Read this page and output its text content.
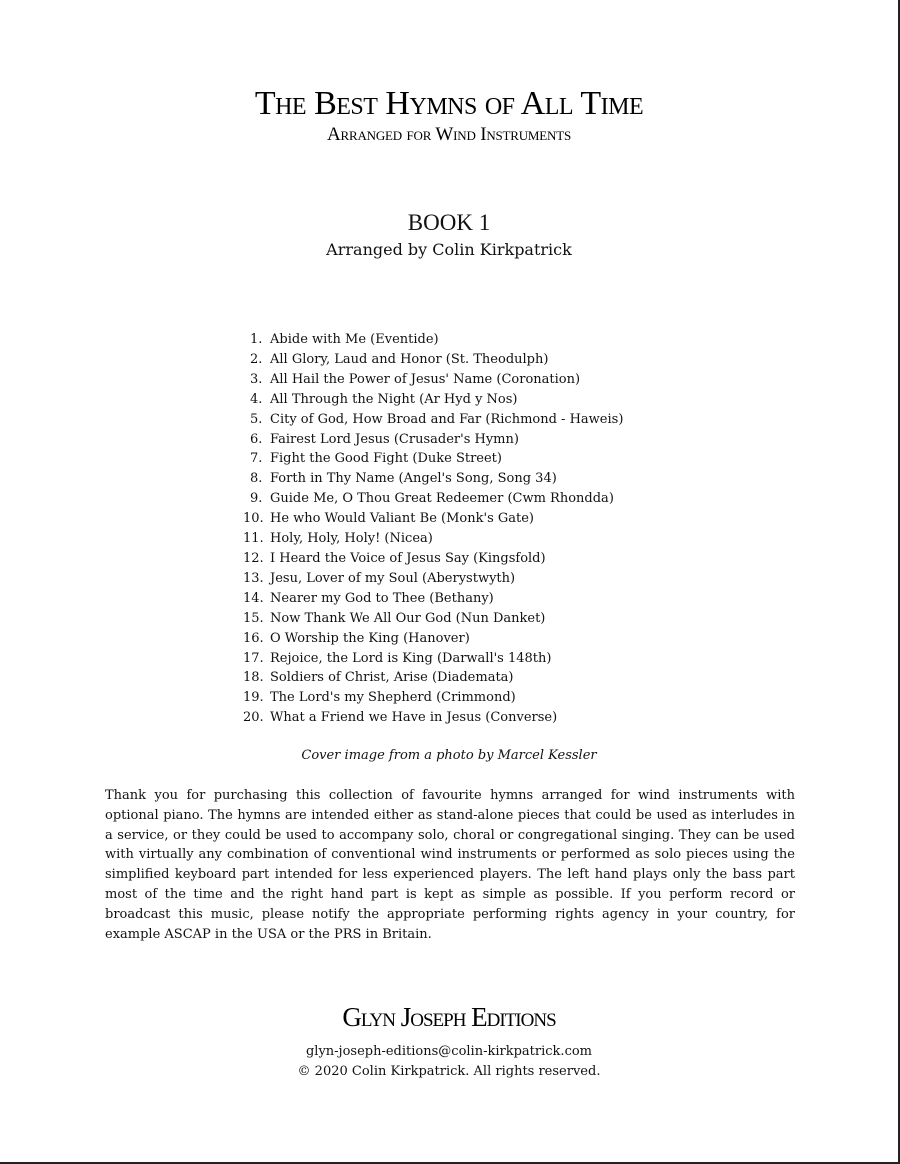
The Best Hymns of All Time
Arranged for Wind Instruments
BOOK 1
Arranged by Colin Kirkpatrick
1. Abide with Me (Eventide)
2. All Glory, Laud and Honor (St. Theodulph)
3. All Hail the Power of Jesus' Name (Coronation)
4. All Through the Night (Ar Hyd y Nos)
5. City of God, How Broad and Far (Richmond - Haweis)
6. Fairest Lord Jesus (Crusader's Hymn)
7. Fight the Good Fight (Duke Street)
8. Forth in Thy Name (Angel's Song, Song 34)
9. Guide Me, O Thou Great Redeemer (Cwm Rhondda)
10. He who Would Valiant Be (Monk's Gate)
11. Holy, Holy, Holy! (Nicea)
12. I Heard the Voice of Jesus Say (Kingsfold)
13. Jesu, Lover of my Soul (Aberystwyth)
14. Nearer my God to Thee (Bethany)
15. Now Thank We All Our God (Nun Danket)
16. O Worship the King (Hanover)
17. Rejoice, the Lord is King (Darwall's 148th)
18. Soldiers of Christ, Arise (Diademata)
19. The Lord's my Shepherd (Crimmond)
20. What a Friend we Have in Jesus (Converse)
Cover image from a photo by Marcel Kessler

Thank you for purchasing this collection of favourite hymns arranged for wind instruments with optional piano. The hymns are intended either as stand-alone pieces that could be used as interludes in a service, or they could be used to accompany solo, choral or congregational singing. They can be used with virtually any combination of conventional wind instruments or performed as solo pieces using the simplified keyboard part intended for less experienced players. The left hand plays only the bass part most of the time and the right hand part is kept as simple as possible. If you perform record or broadcast this music, please notify the appropriate performing rights agency in your country, for example ASCAP in the USA or the PRS in Britain.

Glyn Joseph Editions
glyn-joseph-editions@colin-kirkpatrick.com
© 2020 Colin Kirkpatrick. All rights reserved.
